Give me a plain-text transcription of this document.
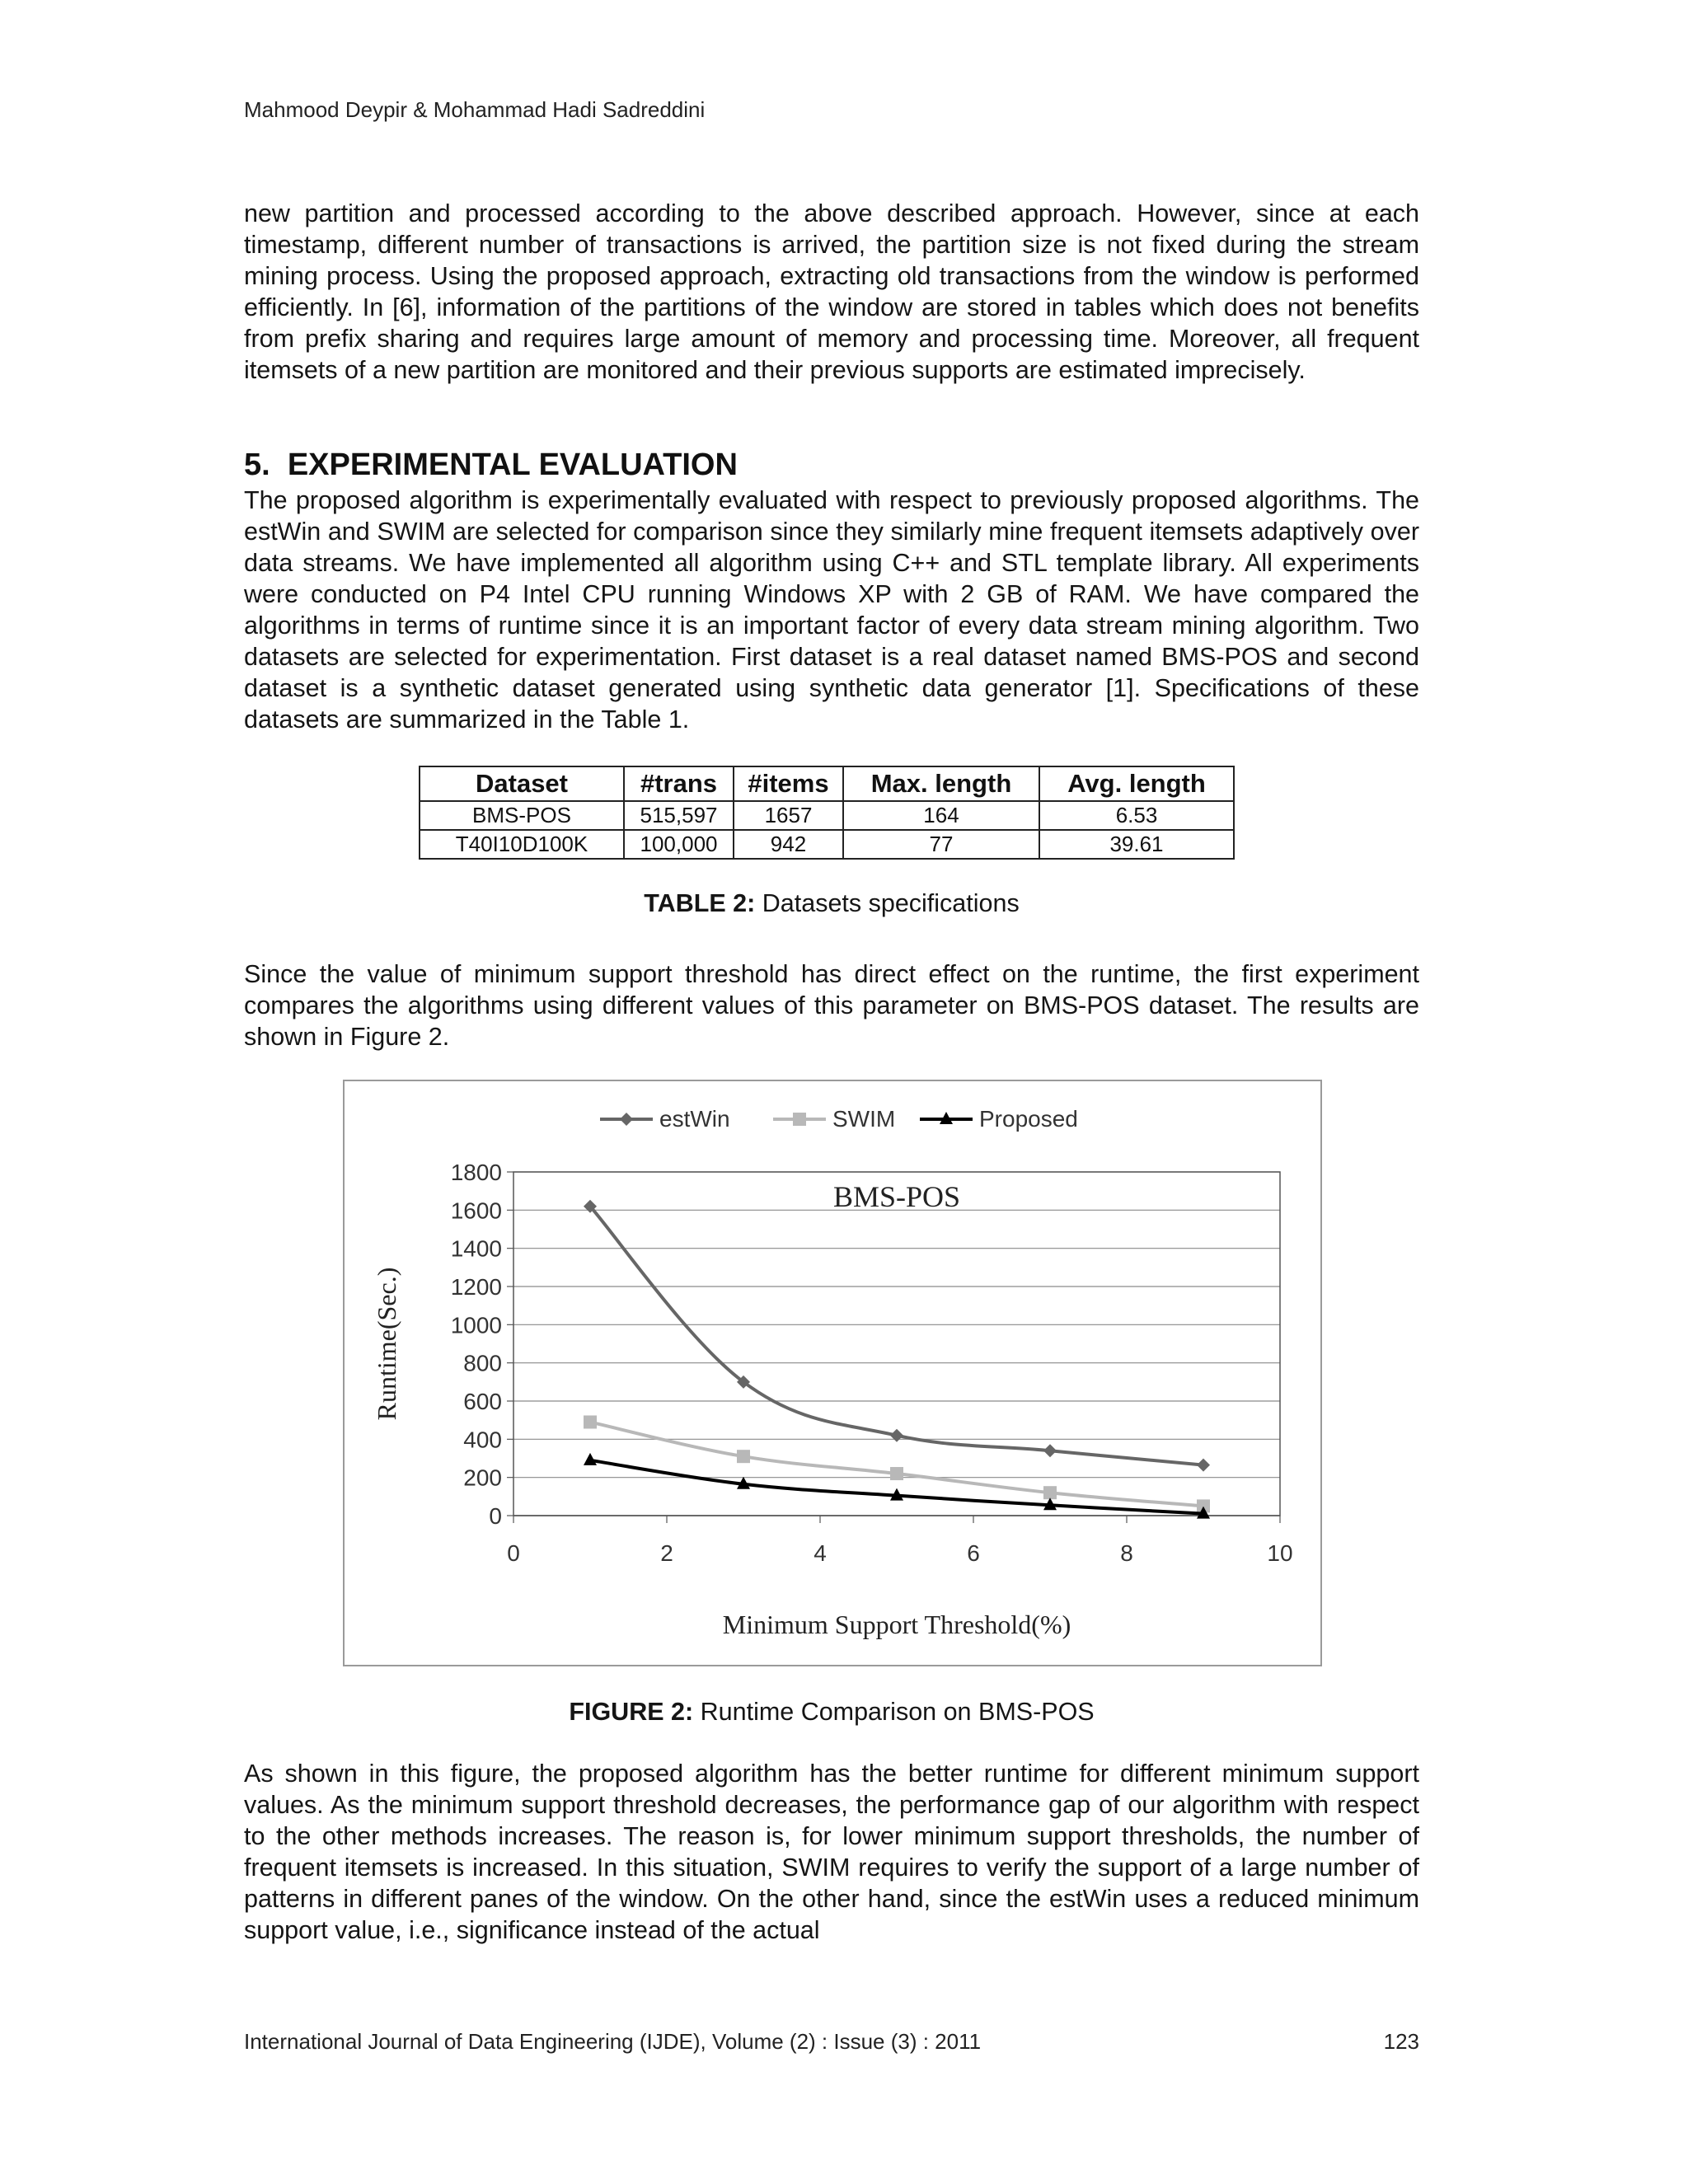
Mahmood Deypir & Mohammad Hadi Sadreddini

new partition and processed according to the above described approach. However, since at each timestamp, different number of transactions is arrived, the partition size is not fixed during the stream mining process. Using the proposed approach, extracting old transactions from the window is performed efficiently. In [6], information of the partitions of the window are stored in tables which does not benefits from prefix sharing and requires large amount of memory and processing time. Moreover, all frequent itemsets of a new partition are monitored and their previous supports are estimated imprecisely.

5. EXPERIMENTAL EVALUATION

The proposed algorithm is experimentally evaluated with respect to previously proposed algorithms. The estWin and SWIM are selected for comparison since they similarly mine frequent itemsets adaptively over data streams. We have implemented all algorithm using C++ and STL template library. All experiments were conducted on P4 Intel CPU running Windows XP with 2 GB of RAM. We have compared the algorithms in terms of runtime since it is an important factor of every data stream mining algorithm. Two datasets are selected for experimentation. First dataset is a real dataset named BMS-POS and second dataset is a synthetic dataset generated using synthetic data generator [1]. Specifications of these datasets are summarized in the Table 1.

Dataset	#trans	#items	Max. length	Avg. length
BMS-POS	515,597	1657	164	6.53
T40I10D100K	100,000	942	77	39.61
TABLE 2: Datasets specifications

Since the value of minimum support threshold has direct effect on the runtime, the first experiment compares the algorithms using different values of this parameter on BMS-POS dataset. The results are shown in Figure 2.

estWin	SWIM	Proposed
BMS-POS
0
200
400
600
800
1000
1200
1400
1600
1800
0	2	4	6	8	10
Minimum Support Threshold(%)
Runtime(Sec.)
FIGURE 2: Runtime Comparison on BMS-POS

As shown in this figure, the proposed algorithm has the better runtime for different minimum support values. As the minimum support threshold decreases, the performance gap of our algorithm with respect to the other methods increases. The reason is, for lower minimum support thresholds, the number of frequent itemsets is increased. In this situation, SWIM requires to verify the support of a large number of patterns in different panes of the window. On the other hand, since the estWin uses a reduced minimum support value, i.e., significance instead of the actual

International Journal of Data Engineering (IJDE), Volume (2) : Issue (3) : 2011	123
